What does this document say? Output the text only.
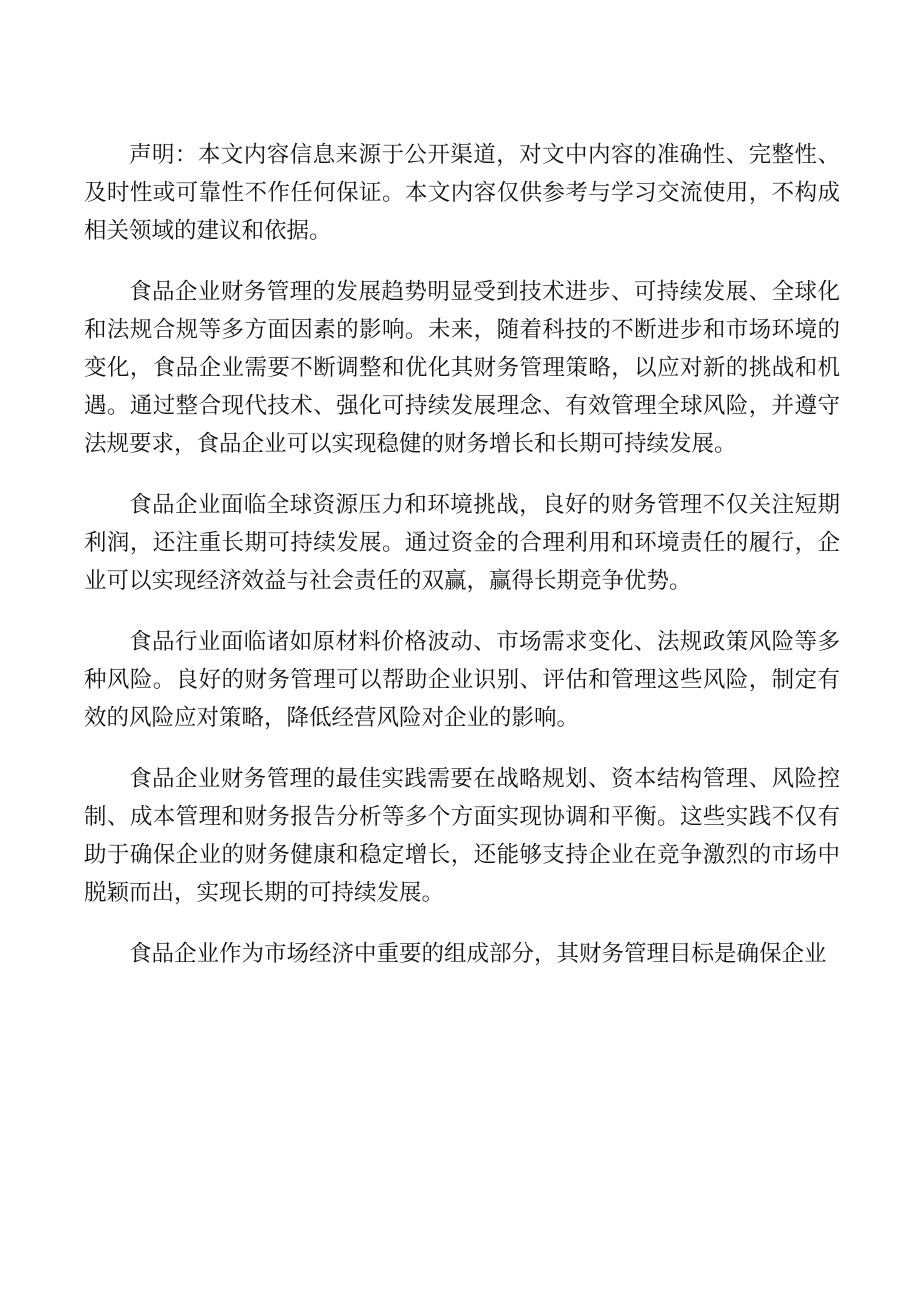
声明：本文内容信息来源于公开渠道，对文中内容的准确性、完整性、及时性或可靠性不作任何保证。本文内容仅供参考与学习交流使用，不构成相关领域的建议和依据。

食品企业财务管理的发展趋势明显受到技术进步、可持续发展、全球化和法规合规等多方面因素的影响。未来，随着科技的不断进步和市场环境的变化，食品企业需要不断调整和优化其财务管理策略，以应对新的挑战和机遇。通过整合现代技术、强化可持续发展理念、有效管理全球风险，并遵守法规要求，食品企业可以实现稳健的财务增长和长期可持续发展。

食品企业面临全球资源压力和环境挑战，良好的财务管理不仅关注短期利润，还注重长期可持续发展。通过资金的合理利用和环境责任的履行，企业可以实现经济效益与社会责任的双赢，赢得长期竞争优势。

食品行业面临诸如原材料价格波动、市场需求变化、法规政策风险等多种风险。良好的财务管理可以帮助企业识别、评估和管理这些风险，制定有效的风险应对策略，降低经营风险对企业的影响。

食品企业财务管理的最佳实践需要在战略规划、资本结构管理、风险控制、成本管理和财务报告分析等多个方面实现协调和平衡。这些实践不仅有助于确保企业的财务健康和稳定增长，还能够支持企业在竞争激烈的市场中脱颖而出，实现长期的可持续发展。

食品企业作为市场经济中重要的组成部分，其财务管理目标是确保企业
